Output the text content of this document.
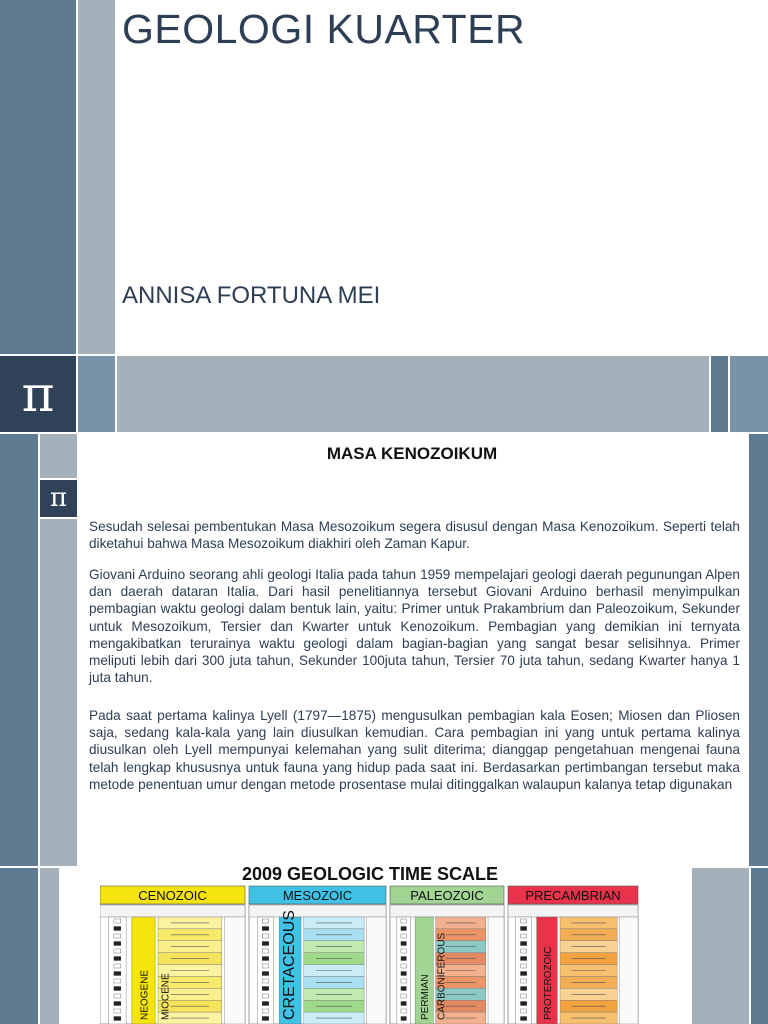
π
π
GEOLOGI KUARTER
ANNISA FORTUNA MEI
MASA KENOZOIKUM

Sesudah selesai pembentukan Masa Mesozoikum segera disusul dengan Masa Kenozoikum. Seperti telah diketahui bahwa Masa Mesozoikum diakhiri oleh Zaman Kapur.

Giovani Arduino seorang ahli geologi Italia pada tahun 1959 mempelajari geologi daerah pegunungan Alpen dan daerah dataran Italia. Dari hasil penelitiannya tersebut Giovani Arduino berhasil menyimpulkan pembagian waktu geologi dalam bentuk lain, yaitu: Primer untuk Prakambrium dan Paleozoikum, Sekunder untuk Mesozoikum, Tersier dan Kwarter untuk Kenozoikum. Pembagian yang demikian ini ternyata mengakibatkan terurainya waktu geologi dalam bagian-bagian yang sangat besar selisihnya. Primer meliputi lebih dari 300 juta tahun, Sekunder 100juta tahun, Tersier 70 juta tahun, sedang Kwarter hanya 1 juta tahun.

Pada saat pertama kalinya Lyell (1797—1875) mengusulkan pembagian kala Eosen; Miosen dan Pliosen saja, sedang kala-kala yang lain diusulkan kemudian. Cara pembagian ini yang untuk pertama kalinya diusulkan oleh Lyell mempunyai kelemahan yang sulit diterima; dianggap pengetahuan mengenai fauna telah lengkap khususnya untuk fauna yang hidup pada saat ini. Berdasarkan pertimbangan tersebut maka metode penentuan umur dengan metode prosentase mulai ditinggalkan walaupun kalanya tetap digunakan

2009 GEOLOGIC TIME SCALE
CENOZOIC
NEOGENE MIOCENE
MESOZOIC
CRETACEOUS
PALEOZOIC
PERMIAN CARBONIFEROUS
PRECAMBRIAN
PROTEROZOIC
